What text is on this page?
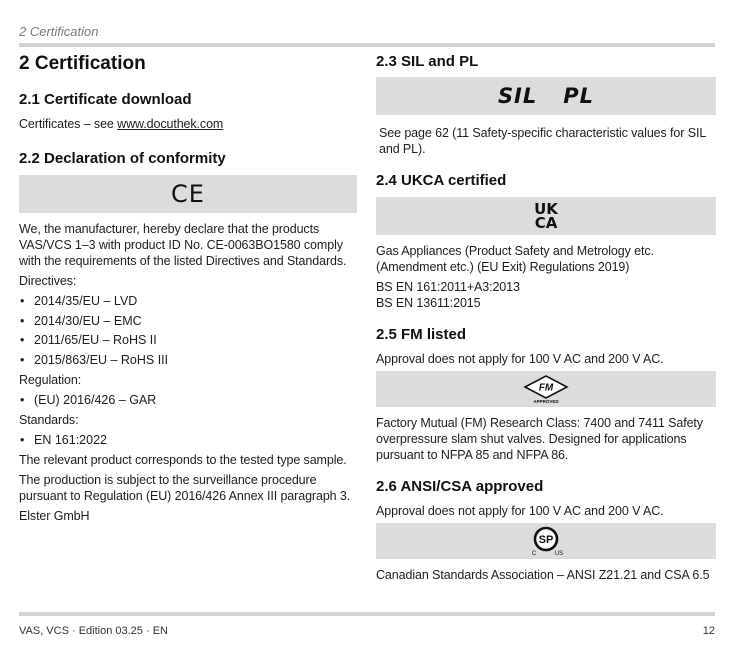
2 Certification
2 Certification
2.1 Certificate download

Certificates – see www.docuthek.com

2.2 Declaration of conformity
CE

We, the manufacturer, hereby declare that the products VAS/VCS 1–3 with product ID No. CE-0063BO1580 comply with the requirements of the listed Directives and Standards.

Directives:

• 2014/35/EU – LVD
• 2014/30/EU – EMC
• 2011/65/EU – RoHS II
• 2015/863/EU – RoHS III

Regulation:

• (EU) 2016/426 – GAR

Standards:

• EN 161:2022

The relevant product corresponds to the tested type sample.

The production is subject to the surveillance procedure pursuant to Regulation (EU) 2016/426 Annex III paragraph 3.

Elster GmbH

2.3 SIL and PL
SIL PL

See page 62 (11 Safety-specific characteristic values for SIL and PL).

2.4 UKCA certified
UK
CA

Gas Appliances (Product Safety and Metrology etc. (Amendment etc.) (EU Exit) Regulations 2019)

BS EN 161:2011+A3:2013

BS EN 13611:2015

2.5 FM listed

Approval does not apply for 100 V AC and 200 V AC.

FM
APPROVED

Factory Mutual (FM) Research Class: 7400 and 7411 Safety overpressure slam shut valves. Designed for applications pursuant to NFPA 85 and NFPA 86.

2.6 ANSI/CSA approved

Approval does not apply for 100 V AC and 200 V AC.

SP
C	US

Canadian Standards Association – ANSI Z21.21 and CSA 6.5

VAS, VCS · Edition 03.25 · EN	12
